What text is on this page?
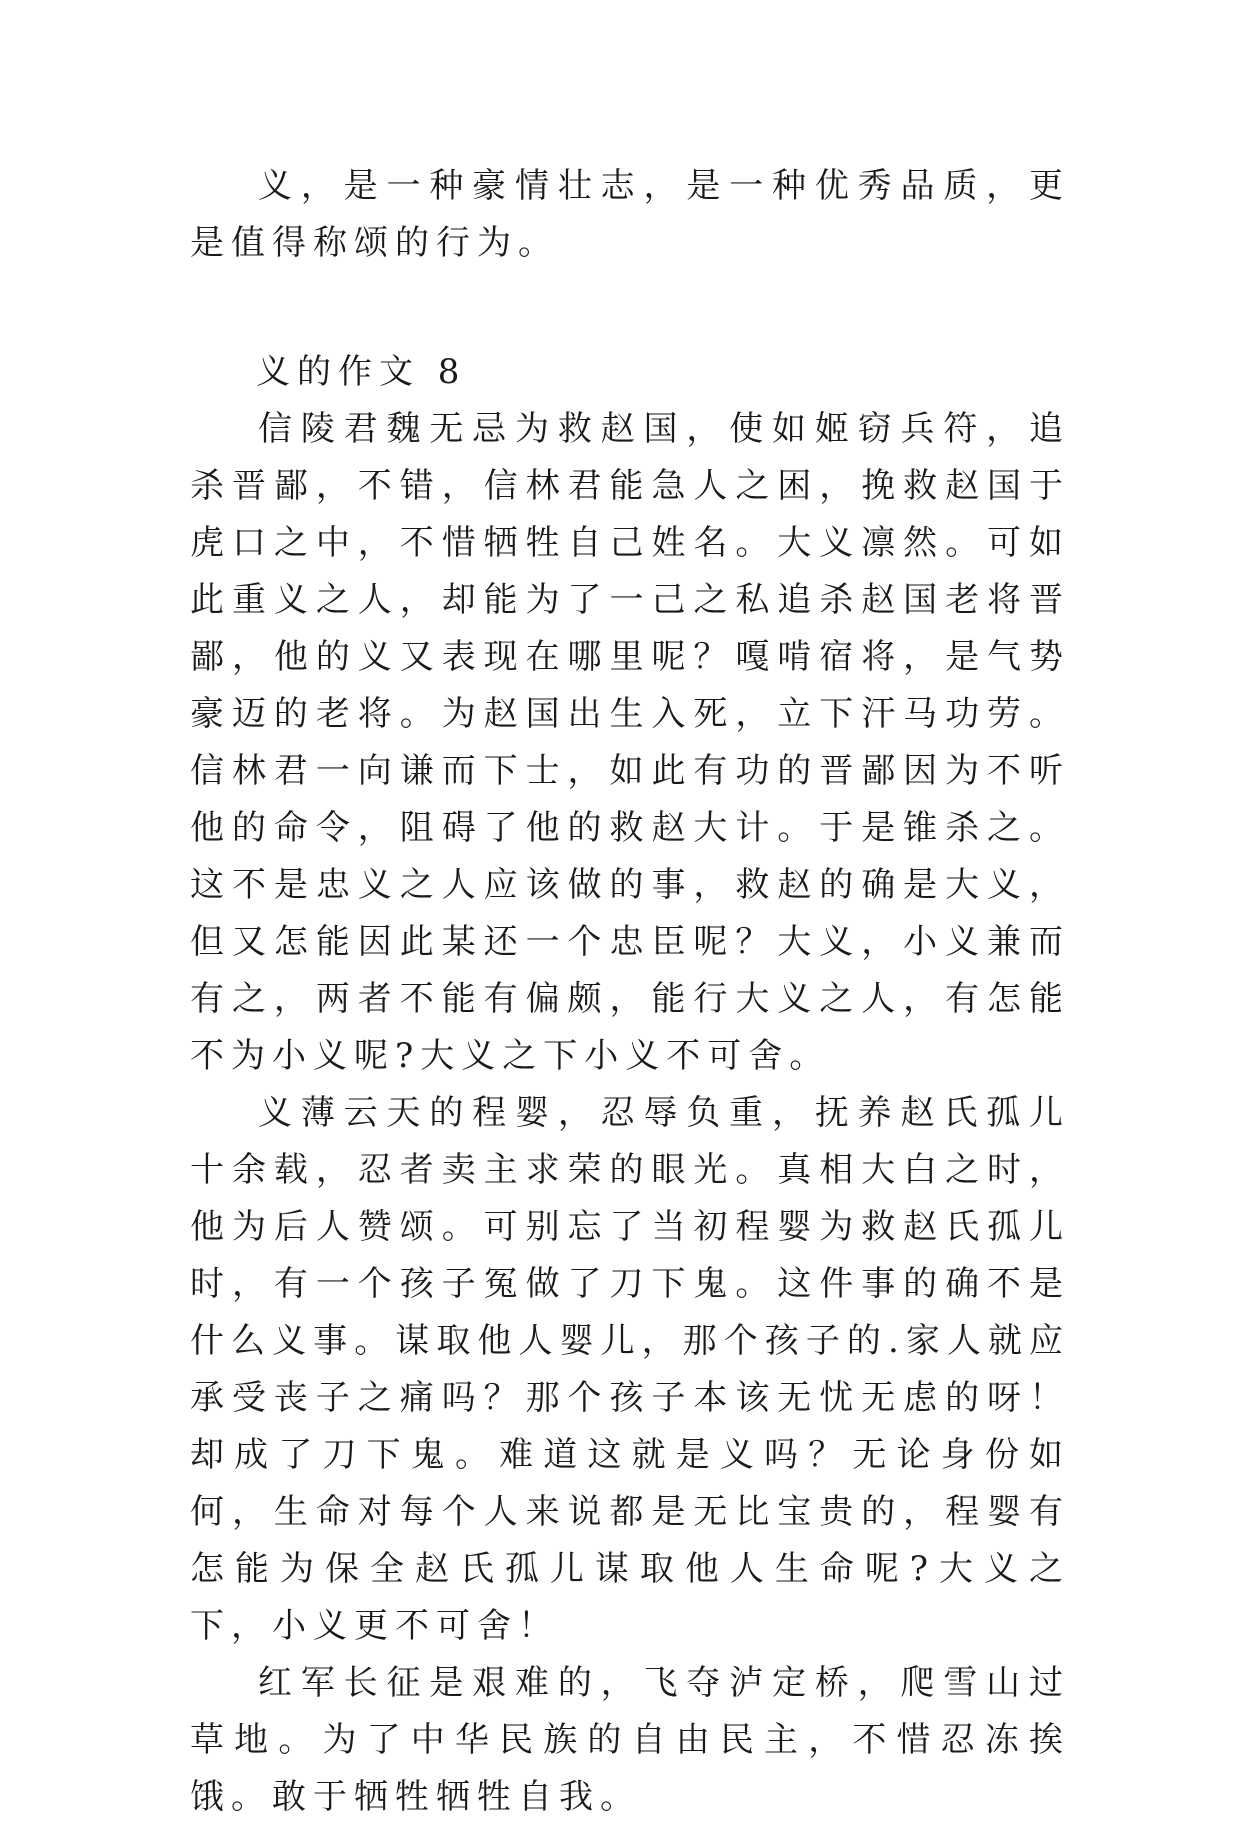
义，是一种豪情壮志，是一种优秀品质，更是值得称颂的行为。

义的作文 8

信陵君魏无忌为救赵国，使如姬窃兵符，追杀晋鄙，不错，信林君能急人之困，挽救赵国于虎口之中，不惜牺牲自己姓名。大义凛然。可如此重义之人，却能为了一己之私追杀赵国老将晋鄙，他的义又表现在哪里呢？嘎啃宿将，是气势豪迈的老将。为赵国出生入死，立下汗马功劳。信林君一向谦而下士，如此有功的晋鄙因为不听他的命令，阻碍了他的救赵大计。于是锥杀之。这不是忠义之人应该做的事，救赵的确是大义，但又怎能因此某还一个忠臣呢？大义，小义兼而有之，两者不能有偏颇，能行大义之人，有怎能不为小义呢?大义之下小义不可舍。

义薄云天的程婴，忍辱负重，抚养赵氏孤儿十余载，忍者卖主求荣的眼光。真相大白之时，他为后人赞颂。可别忘了当初程婴为救赵氏孤儿时，有一个孩子冤做了刀下鬼。这件事的确不是什么义事。谋取他人婴儿，那个孩子的.家人就应承受丧子之痛吗？那个孩子本该无忧无虑的呀！却成了刀下鬼。难道这就是义吗？无论身份如何，生命对每个人来说都是无比宝贵的，程婴有怎能为保全赵氏孤儿谋取他人生命呢?大义之下，小义更不可舍！

红军长征是艰难的，飞夺泸定桥，爬雪山过草地。为了中华民族的自由民主，不惜忍冻挨饿。敢于牺牲牺牲自我。
